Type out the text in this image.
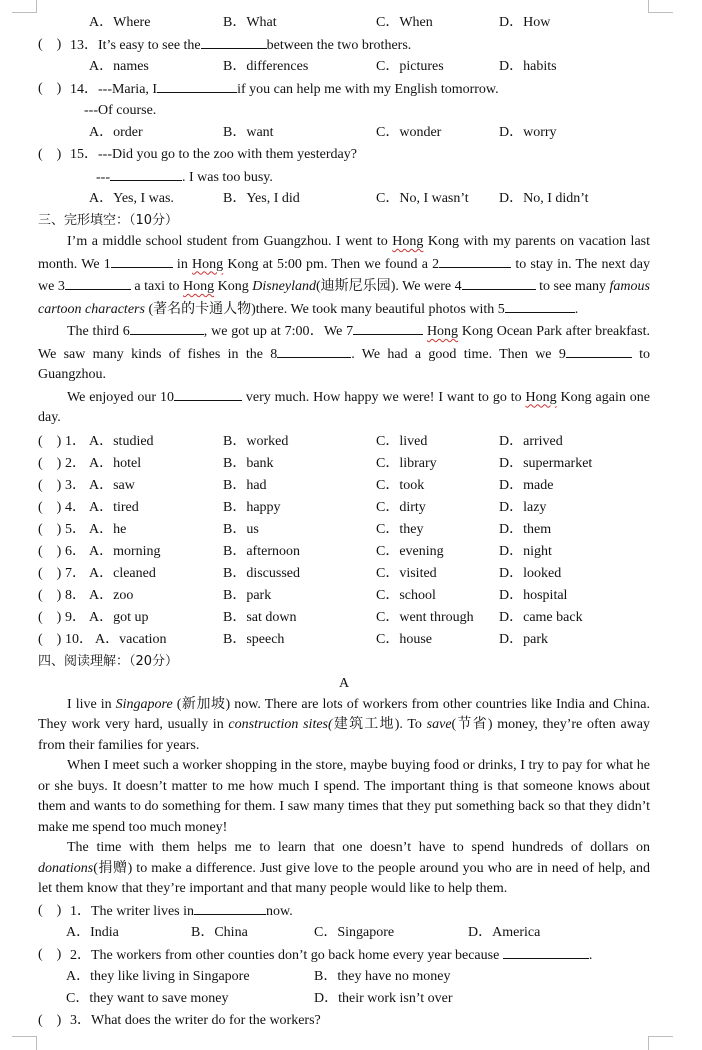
A．Where	B．What	C．When	D．How
( ) 13．It’s easy to see the	between the two brothers.
A．names	B．differences	C．pictures	D．habits
( ) 14．---Maria, I	if you can help me with my English tomorrow.
---Of course.
A．order	B．want	C．wonder	D．worry
( ) 15．---Did you go to the zoo with them yesterday?
---	. I was too busy.
A．Yes, I was.	B．Yes, I did	C．No, I wasn’t D．No, I didn’t
三、完形填空：（10分）

I’m a middle school student from Guangzhou. I went to Hong Kong with my parents on vacation last month. We 1	in Hong Kong at 5:00 pm. Then we found a 2	to stay in. The next day we 3	a taxi to Hong Kong Disneyland(迪斯尼乐园). We were 4	to see many famous cartoon characters (著名的卡通人物)there. We took many beautiful photos with 5	.

The third 6	, we got up at 7:00．We 7	Hong Kong Ocean Park after breakfast. We saw many kinds of fishes in the 8	. We had a good time. Then we 9	to Guangzhou.

We enjoyed our 10	very much. How happy we were! I want to go to Hong Kong again one day.

(    ) 1． A．studied	B．worked	C．lived	D．arrived
(    ) 2． A．hotel	B．bank	C．library	D．supermarket
(    ) 3． A．saw	B．had	C．took	D．made
(    ) 4． A．tired	B．happy	C．dirty	D．lazy
(    ) 5． A．he	B．us	C．they	D．them
(    ) 6． A．morning	B．afternoon	C．evening	D．night
(    ) 7． A．cleaned	B．discussed	C．visited	D．looked
(    ) 8． A．zoo	B．park	C．school	D．hospital
(    ) 9． A．got up	B．sat down	C．went through D．came back
(    ) 10． A．vacation	B．speech	C．house	D．park
四、阅读理解：（20分）
A

I live in Singapore (新加坡) now. There are lots of workers from other countries like India and China. They work very hard, usually in construction sites(建筑工地). To save(节省) money, they’re often away from their families for years.

When I meet such a worker shopping in the store, maybe buying food or drinks, I try to pay for what he or she buys. It doesn’t matter to me how much I spend. The important thing is that someone knows about them and wants to do something for them. I saw many times that they put something back so that they didn’t make me spend too much money!

The time with them helps me to learn that one doesn’t have to spend hundreds of dollars on donations(捐赠) to make a difference. Just give love to the people around you who are in need of help, and let them know that they’re important and that many people would like to help them.

(    ) 1．The writer lives in	now.
A．India	B．China	C．Singapore	D．America
(    ) 2．The workers from other counties don’t go back home every year because	.
A．they like living in Singapore	B．they have no money
C．they want to save money	D．their work isn’t over
(    ) 3．What does the writer do for the workers?
